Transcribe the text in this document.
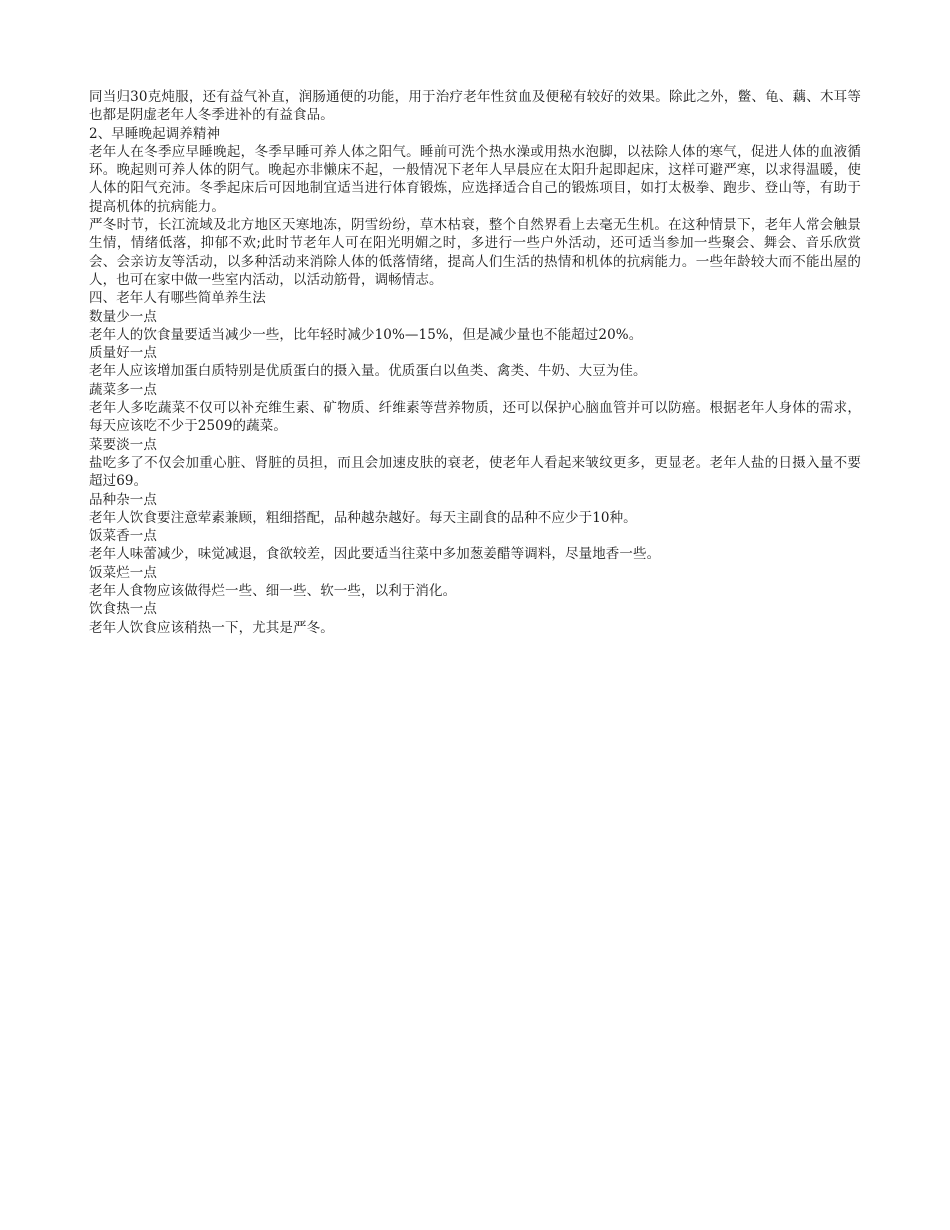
同当归30克炖服，还有益气补直，润肠通便的功能，用于治疗老年性贫血及便秘有较好的效果。除此之外，鳖、龟、藕、木耳等也都是阴虚老年人冬季进补的有益食品。

2、早睡晚起调养精神

老年人在冬季应早睡晚起，冬季早睡可养人体之阳气。睡前可洗个热水澡或用热水泡脚，以祛除人体的寒气，促进人体的血液循环。晚起则可养人体的阴气。晚起亦非懒床不起，一般情况下老年人早晨应在太阳升起即起床，这样可避严寒，以求得温暖，使人体的阳气充沛。冬季起床后可因地制宜适当进行体育锻炼，应选择适合自己的锻炼项目，如打太极拳、跑步、登山等，有助于提高机体的抗病能力。

严冬时节，长江流域及北方地区天寒地冻，阴雪纷纷，草木枯衰，整个自然界看上去毫无生机。在这种情景下，老年人常会触景生情，情绪低落，抑郁不欢;此时节老年人可在阳光明媚之时，多进行一些户外活动，还可适当参加一些聚会、舞会、音乐欣赏会、会亲访友等活动，以多种活动来消除人体的低落情绪，提高人们生活的热情和机体的抗病能力。一些年龄较大而不能出屋的人，也可在家中做一些室内活动，以活动筋骨，调畅情志。

四、老年人有哪些简单养生法

数量少一点

老年人的饮食量要适当减少一些，比年轻时减少10%—15%，但是减少量也不能超过20%。

质量好一点

老年人应该增加蛋白质特别是优质蛋白的摄入量。优质蛋白以鱼类、禽类、牛奶、大豆为佳。

蔬菜多一点

老年人多吃蔬菜不仅可以补充维生素、矿物质、纤维素等营养物质，还可以保护心脑血管并可以防癌。根据老年人身体的需求，每天应该吃不少于2509的蔬菜。

菜要淡一点

盐吃多了不仅会加重心脏、肾脏的员担，而且会加速皮肤的衰老，使老年人看起来皱纹更多，更显老。老年人盐的日摄入量不要超过69。

品种杂一点

老年人饮食要注意荤素兼顾，粗细搭配，品种越杂越好。每天主副食的品种不应少于10种。

饭菜香一点

老年人味蕾减少，味觉减退，食欲较差，因此要适当往菜中多加葱姜醋等调料，尽量地香一些。

饭菜烂一点

老年人食物应该做得烂一些、细一些、软一些，以利于消化。

饮食热一点

老年人饮食应该稍热一下，尤其是严冬。
